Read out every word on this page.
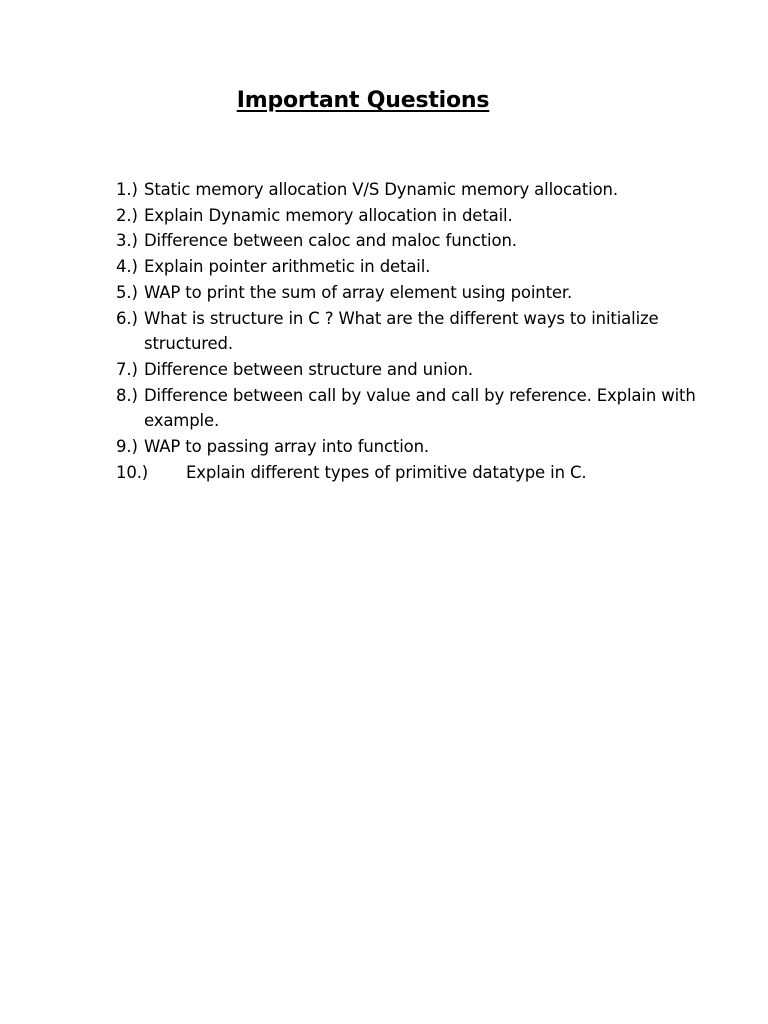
Important Questions
1.) Static memory allocation V/S Dynamic memory allocation.
2.) Explain Dynamic memory allocation in detail.
3.) Difference between caloc and maloc function.
4.) Explain pointer arithmetic in detail.
5.) WAP to print the sum of array element using pointer.
6.) What is structure in C ? What are the different ways to initialize structured.
7.) Difference between structure and union.
8.) Difference between call by value and call by reference. Explain with example.
9.) WAP to passing array into function.
10.) Explain different types of primitive datatype in C.
